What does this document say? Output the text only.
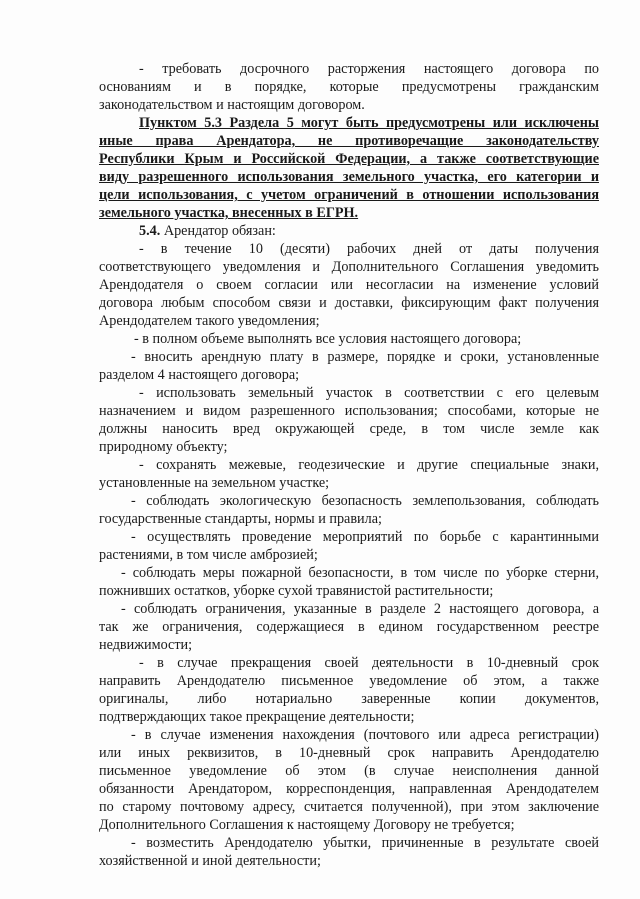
- требовать досрочного расторжения настоящего договора по
основаниям и в порядке, которые предусмотрены гражданским
законодательством и настоящим договором.
Пунктом 5.3 Раздела 5 могут быть предусмотрены или исключены
иные права Арендатора, не противоречащие законодательству
Республики Крым и Российской Федерации, а также соответствующие
виду разрешенного использования земельного участка, его категории и
цели использования, с учетом ограничений в отношении использования
земельного участка, внесенных в ЕГРН.
5.4. Арендатор обязан:
- в течение 10 (десяти) рабочих дней от даты получения
соответствующего уведомления и Дополнительного Соглашения уведомить
Арендодателя о своем согласии или несогласии на изменение условий
договора любым способом связи и доставки, фиксирующим факт получения
Арендодателем такого уведомления;
- в полном объеме выполнять все условия настоящего договора;
- вносить арендную плату в размере, порядке и сроки, установленные
разделом 4 настоящего договора;
- использовать земельный участок в соответствии с его целевым
назначением и видом разрешенного использования; способами, которые не
должны наносить вред окружающей среде, в том числе земле как
природному объекту;
- сохранять межевые, геодезические и другие специальные знаки,
установленные на земельном участке;
- соблюдать экологическую безопасность землепользования, соблюдать
государственные стандарты, нормы и правила;
- осуществлять проведение мероприятий по борьбе с карантинными
растениями, в том числе амброзией;
- соблюдать меры пожарной безопасности, в том числе по уборке стерни,
пожнивших остатков, уборке сухой травянистой растительности;
- соблюдать ограничения, указанные в разделе 2 настоящего договора, а
так же ограничения, содержащиеся в едином государственном реестре
недвижимости;
- в случае прекращения своей деятельности в 10-дневный срок
направить Арендодателю письменное уведомление об этом, а также
оригиналы, либо нотариально заверенные копии документов,
подтверждающих такое прекращение деятельности;
- в случае изменения нахождения (почтового или адреса регистрации)
или иных реквизитов, в 10-дневный срок направить Арендодателю
письменное уведомление об этом (в случае неисполнения данной
обязанности Арендатором, корреспонденция, направленная Арендодателем
по старому почтовому адресу, считается полученной), при этом заключение
Дополнительного Соглашения к настоящему Договору не требуется;
- возместить Арендодателю убытки, причиненные в результате своей
хозяйственной и иной деятельности;
